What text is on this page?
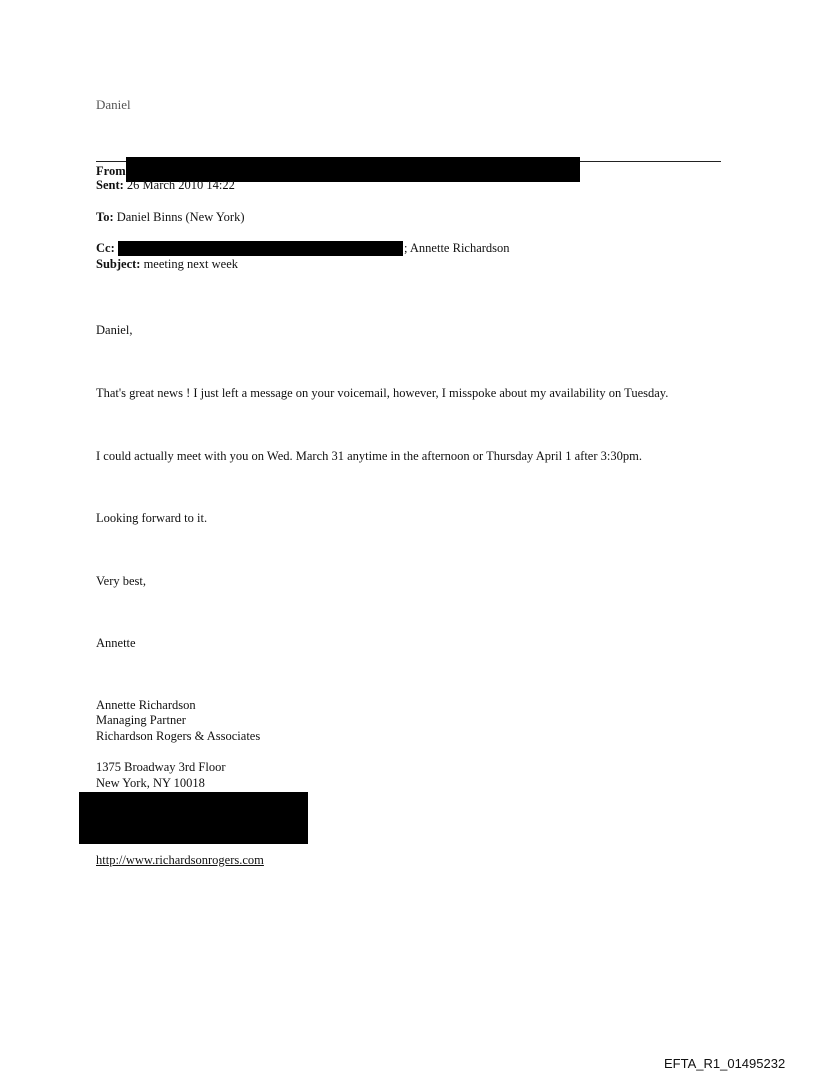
Daniel
From
Sent: 26 March 2010 14:22
To: Daniel Binns (New York)
Cc:	; Annette Richardson
Subject: meeting next week
Daniel,
That's great news ! I just left a message on your voicemail, however, I misspoke about my availability on Tuesday.
I could actually meet with you on Wed. March 31 anytime in the afternoon or Thursday April 1 after 3:30pm.
Looking forward to it.
Very best,
Annette
Annette Richardson
Managing Partner
Richardson Rogers & Associates
1375 Broadway 3rd Floor
New York, NY 10018
http://www.richardsonrogers.com
EFTA_R1_01495232
